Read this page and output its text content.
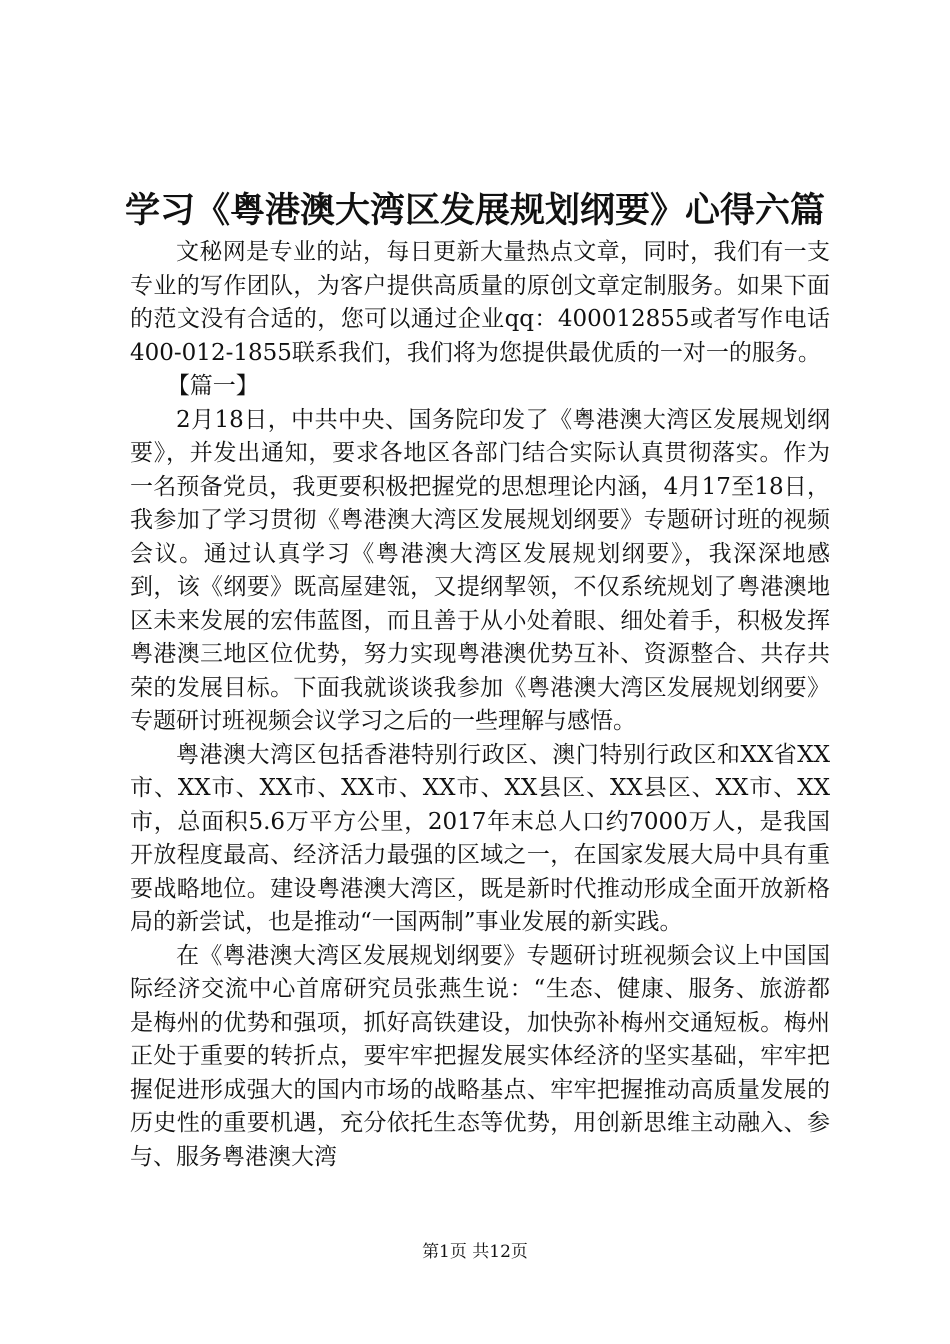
学习《粤港澳大湾区发展规划纲要》心得六篇

文秘网是专业的站，每日更新大量热点文章，同时，我们有一支专业的写作团队，为客户提供高质量的原创文章定制服务。如果下面的范文没有合适的，您可以通过企业qq：400012855或者写作电话400-012-1855联系我们，我们将为您提供最优质的一对一的服务。

【篇一】

2月18日，中共中央、国务院印发了《粤港澳大湾区发展规划纲要》，并发出通知，要求各地区各部门结合实际认真贯彻落实。作为一名预备党员，我更要积极把握党的思想理论内涵，4月17至18日，我参加了学习贯彻《粤港澳大湾区发展规划纲要》专题研讨班的视频会议。通过认真学习《粤港澳大湾区发展规划纲要》，我深深地感到，该《纲要》既高屋建瓴，又提纲挈领，不仅系统规划了粤港澳地区未来发展的宏伟蓝图，而且善于从小处着眼、细处着手，积极发挥粤港澳三地区位优势，努力实现粤港澳优势互补、资源整合、共存共荣的发展目标。下面我就谈谈我参加《粤港澳大湾区发展规划纲要》专题研讨班视频会议学习之后的一些理解与感悟。

粤港澳大湾区包括香港特别行政区、澳门特别行政区和XX省XX市、XX市、XX市、XX市、XX市、XX县区、XX县区、XX市、XX市，总面积5.6万平方公里，2017年末总人口约7000万人，是我国开放程度最高、经济活力最强的区域之一，在国家发展大局中具有重要战略地位。建设粤港澳大湾区，既是新时代推动形成全面开放新格局的新尝试，也是推动“一国两制”事业发展的新实践。

在《粤港澳大湾区发展规划纲要》专题研讨班视频会议上中国国际经济交流中心首席研究员张燕生说：“生态、健康、服务、旅游都是梅州的优势和强项，抓好高铁建设，加快弥补梅州交通短板。梅州正处于重要的转折点，要牢牢把握发展实体经济的坚实基础，牢牢把握促进形成强大的国内市场的战略基点、牢牢把握推动高质量发展的历史性的重要机遇，充分依托生态等优势，用创新思维主动融入、参与、服务粤港澳大湾

第1页 共12页
